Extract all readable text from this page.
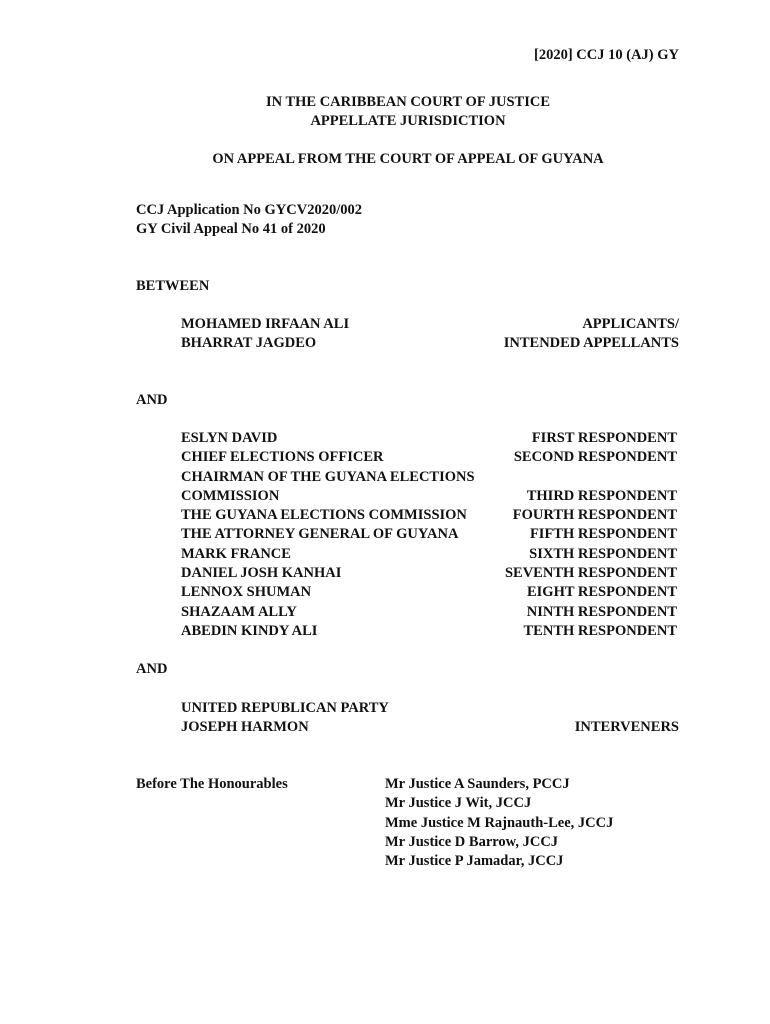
[2020] CCJ 10 (AJ) GY
IN THE CARIBBEAN COURT OF JUSTICE
APPELLATE JURISDICTION
ON APPEAL FROM THE COURT OF APPEAL OF GUYANA
CCJ Application No GYCV2020/002
GY Civil Appeal No 41 of 2020
BETWEEN
MOHAMED IRFAAN ALI
BHARRAT JAGDEO
APPLICANTS/
INTENDED APPELLANTS
AND
ESLYN DAVID
CHIEF ELECTIONS OFFICER
CHAIRMAN OF THE GUYANA ELECTIONS
COMMISSION
THE GUYANA ELECTIONS COMMISSION
THE ATTORNEY GENERAL OF GUYANA
MARK FRANCE
DANIEL JOSH KANHAI
LENNOX SHUMAN
SHAZAAM ALLY
ABEDIN KINDY ALI
FIRST RESPONDENT
SECOND RESPONDENT
THIRD RESPONDENT
FOURTH RESPONDENT
FIFTH RESPONDENT
SIXTH RESPONDENT
SEVENTH RESPONDENT
EIGHT RESPONDENT
NINTH RESPONDENT
TENTH RESPONDENT
AND
UNITED REPUBLICAN PARTY
JOSEPH HARMON	INTERVENERS
Before The Honourables	Mr Justice A Saunders, PCCJ
Mr Justice J Wit, JCCJ
Mme Justice M Rajnauth-Lee, JCCJ
Mr Justice D Barrow, JCCJ
Mr Justice P Jamadar, JCCJ
